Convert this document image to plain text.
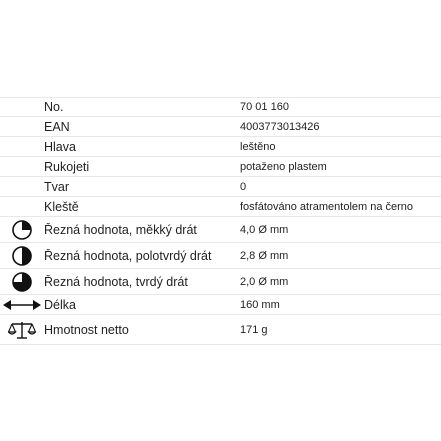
No.	70 01 160
EAN	4003773013426
Hlava	leštěno
Rukojeti	potaženo plastem
Tvar	0
Kleště	fosfátováno atramentolem na černo
Řezná hodnota, měkký drát	4,0 Ø mm
Řezná hodnota, polotvrdý drát	2,8 Ø mm
Řezná hodnota, tvrdý drát	2,0 Ø mm
Délka	160 mm
Hmotnost netto	171 g
